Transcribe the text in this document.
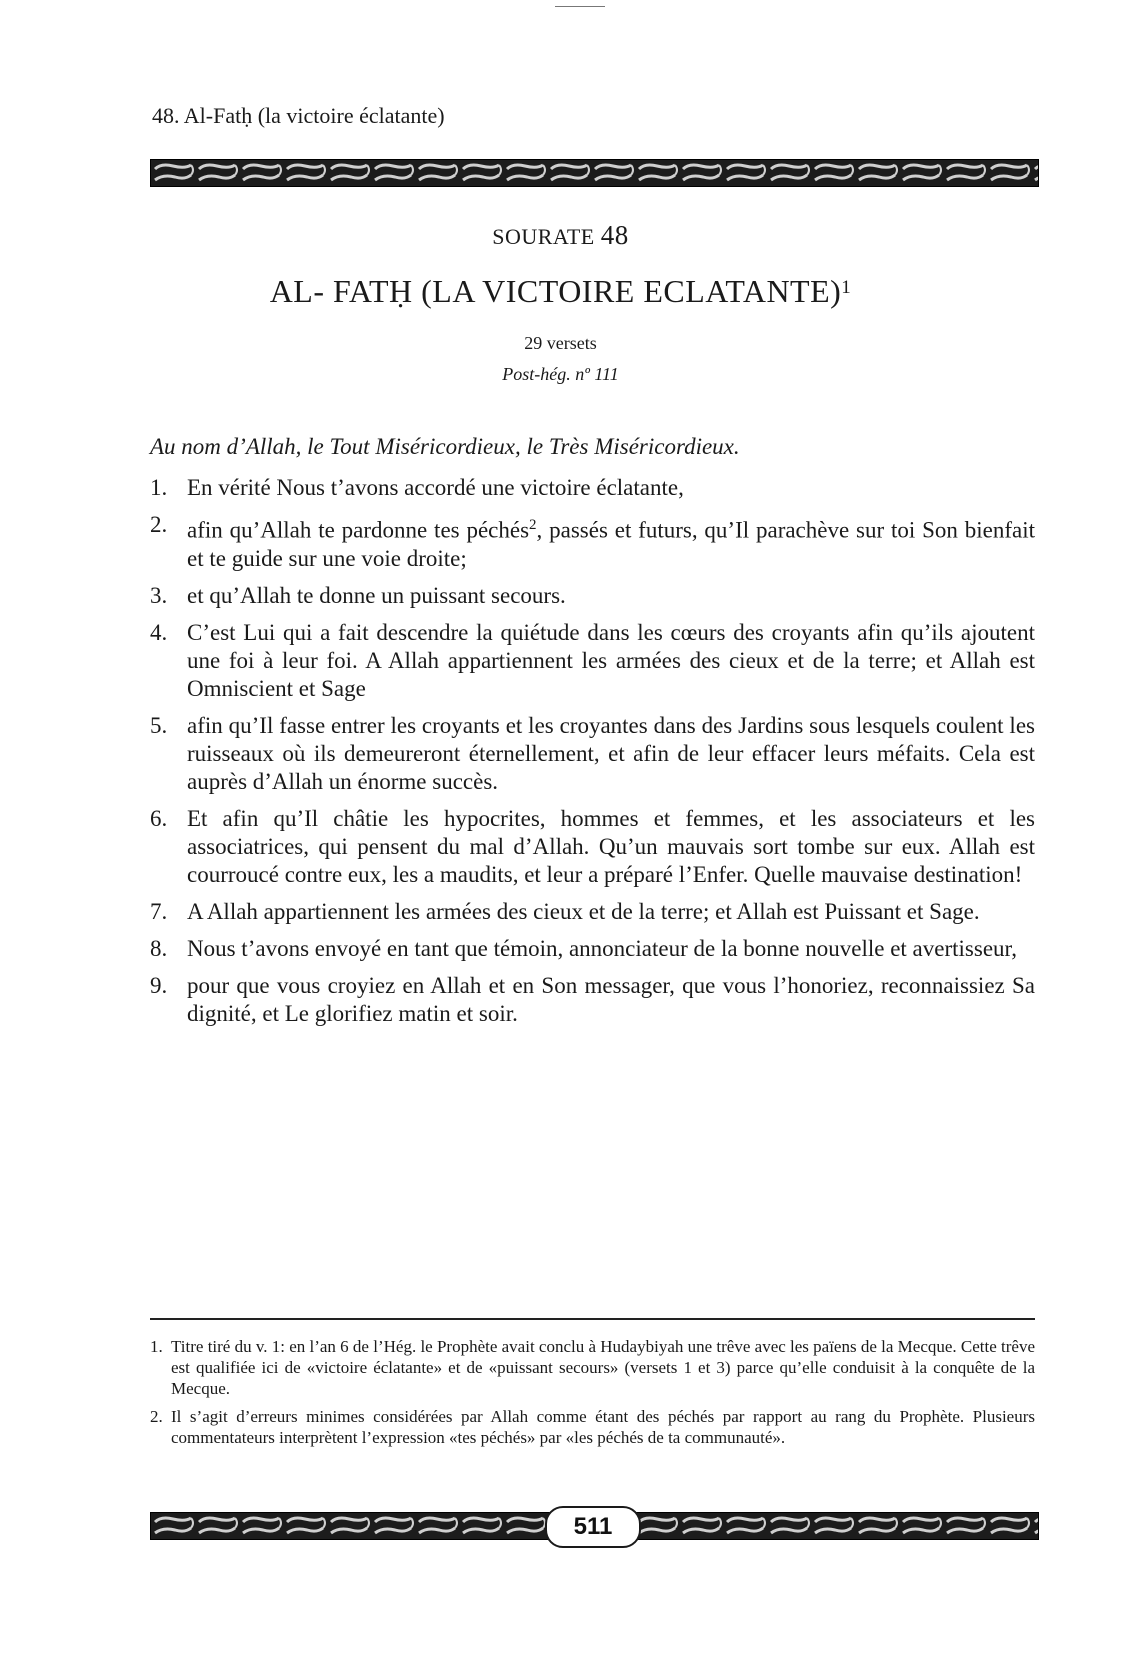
48. Al-Fatḥ (la victoire éclatante)
SOURATE 48
AL- FATḤ (LA VICTOIRE ECLATANTE)$^1$
29 versets
Post-hég. nº 111
Au nom d’Allah, le Tout Miséricordieux, le Très Miséricordieux.
1. En vérité Nous t’avons accordé une victoire éclatante,
2. afin qu’Allah te pardonne tes péchés$^2$, passés et futurs, qu’Il parachève sur toi Son bienfait et te guide sur une voie droite;
3. et qu’Allah te donne un puissant secours.
4. C’est Lui qui a fait descendre la quiétude dans les cœurs des croyants afin qu’ils ajoutent une foi à leur foi. A Allah appartiennent les armées des cieux et de la terre; et Allah est Omniscient et Sage
5. afin qu’Il fasse entrer les croyants et les croyantes dans des Jardins sous lesquels coulent les ruisseaux où ils demeureront éternellement, et afin de leur effacer leurs méfaits. Cela est auprès d’Allah un énorme succès.
6. Et afin qu’Il châtie les hypocrites, hommes et femmes, et les associateurs et les associatrices, qui pensent du mal d’Allah. Qu’un mauvais sort tombe sur eux. Allah est courroucé contre eux, les a maudits, et leur a préparé l’Enfer. Quelle mauvaise destination!
7. A Allah appartiennent les armées des cieux et de la terre; et Allah est Puissant et Sage.
8. Nous t’avons envoyé en tant que témoin, annonciateur de la bonne nouvelle et avertisseur,
9. pour que vous croyiez en Allah et en Son messager, que vous l’honoriez, reconnaissiez Sa dignité, et Le glorifiez matin et soir.
1. Titre tiré du v. 1: en l’an 6 de l’Hég. le Prophète avait conclu à Hudaybiyah une trêve avec les païens de la Mecque. Cette trêve est qualifiée ici de «victoire éclatante» et de «puissant secours» (versets 1 et 3) parce qu’elle conduisit à la conquête de la Mecque.
2. Il s’agit d’erreurs minimes considérées par Allah comme étant des péchés par rapport au rang du Prophète. Plusieurs commentateurs interprètent l’expression «tes péchés» par «les péchés de ta communauté».
511
